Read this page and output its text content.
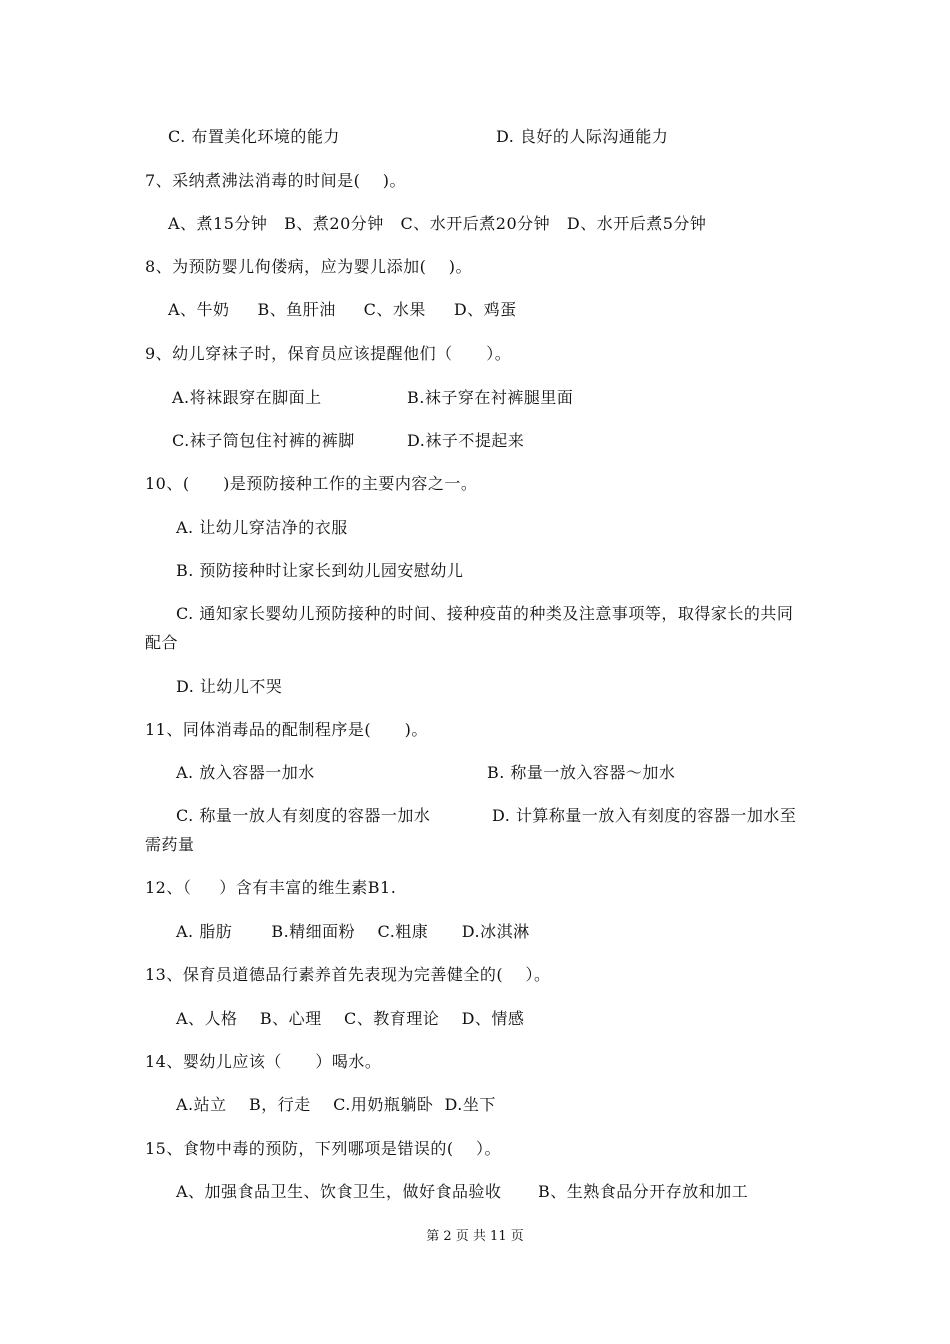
C. 布置美化环境的能力	D. 良好的人际沟通能力
7、采纳煮沸法消毒的时间是(    )。
A、煮15分钟   B、煮20分钟   C、水开后煮20分钟   D、水开后煮5分钟
8、为预防婴儿佝偻病，应为婴儿添加(    )。
A、牛奶     B、鱼肝油     C、水果     D、鸡蛋
9、幼儿穿袜子时，保育员应该提醒他们（      ）。
A.将袜跟穿在脚面上	B.袜子穿在衬裤腿里面
C.袜子筒包住衬裤的裤脚	D.袜子不提起来
10、(      )是预防接种工作的主要内容之一。
A. 让幼儿穿洁净的衣服
B. 预防接种时让家长到幼儿园安慰幼儿
C. 通知家长婴幼儿预防接种的时间、接种疫苗的种类及注意事项等，取得家长的共同
配合
D. 让幼儿不哭
11、同体消毒品的配制程序是(      )。
A. 放入容器一加水	B. 称量一放入容器～加水
C. 称量一放人有刻度的容器一加水	D. 计算称量一放入有刻度的容器一加水至
需药量
12、（     ）含有丰富的维生素B1.
A. 脂肪       B.精细面粉    C.粗康      D.冰淇淋
13、保育员道德品行素养首先表现为完善健全的(    ）。
A、人格    B、心理    C、教育理论    D、情感
14、婴幼儿应该（      ）喝水。
A.站立    B，行走    C.用奶瓶躺卧  D.坐下
15、食物中毒的预防，下列哪项是错误的(    ）。
A、加强食品卫生、饮食卫生，做好食品验收 B、生熟食品分开存放和加工
第 2 页 共 11 页
